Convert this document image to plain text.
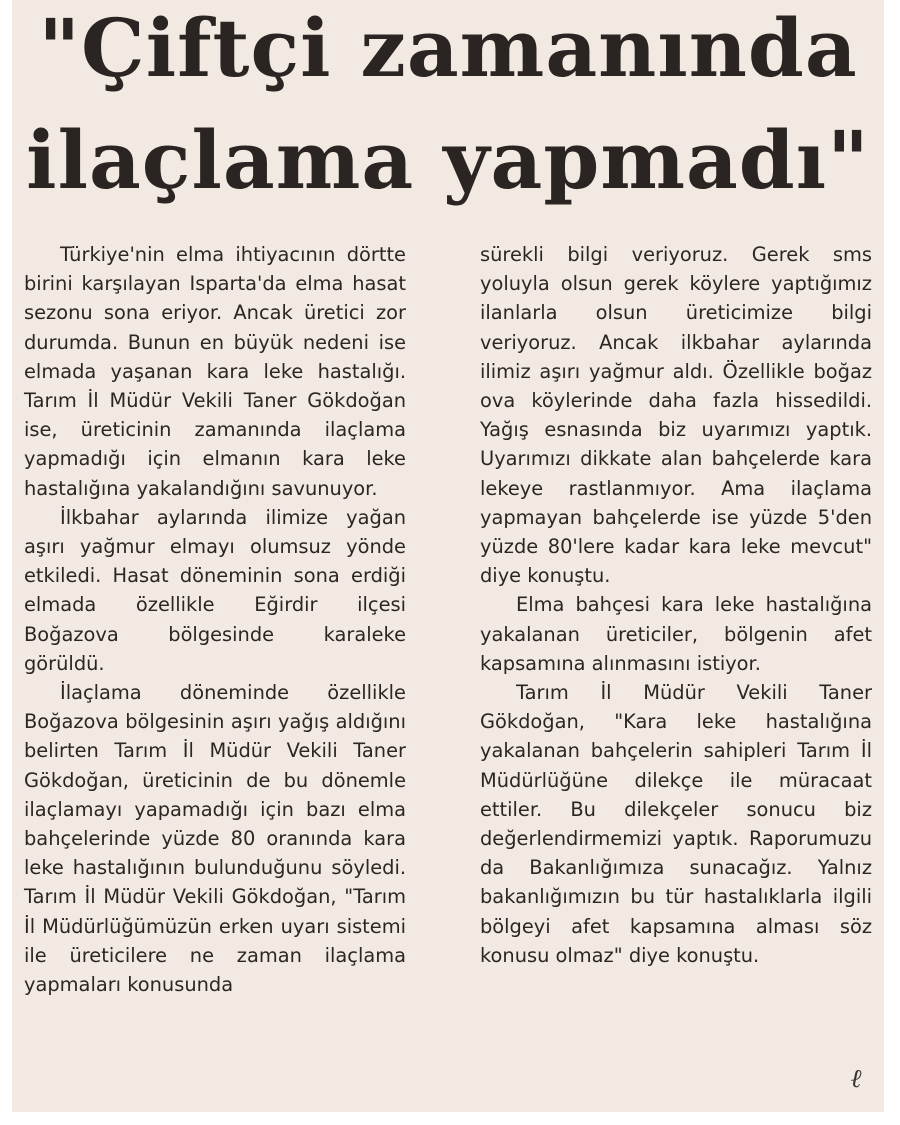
"Çiftçi zamanında
ilaçlama yapmadı"

Türkiye'nin elma ihtiyacının dörtte birini karşılayan Isparta'da elma hasat sezonu sona eriyor. Ancak üretici zor durumda. Bunun en büyük nedeni ise elmada yaşanan kara leke hastalığı. Tarım İl Müdür Vekili Taner Gökdoğan ise, üreticinin zamanında ilaçlama yapmadığı için elmanın kara leke hastalığına yakalandığını savunuyor.

İlkbahar aylarında ilimize yağan aşırı yağmur elmayı olumsuz yönde etkiledi. Hasat döneminin sona erdiği elmada özellikle Eğirdir ilçesi Boğazova bölgesinde karaleke görüldü.

İlaçlama döneminde özellikle Boğazova bölgesinin aşırı yağış aldığını belirten Tarım İl Müdür Vekili Taner Gökdoğan, üreticinin de bu dönemle ilaçlamayı yapamadığı için bazı elma bahçelerinde yüzde 80 oranında kara leke hastalığının bulunduğunu söyledi. Tarım İl Müdür Vekili Gökdoğan, "Tarım İl Müdürlüğümüzün erken uyarı sistemi ile üreticilere ne zaman ilaçlama yapmaları konusunda

sürekli bilgi veriyoruz. Gerek sms yoluyla olsun gerek köylere yaptığımız ilanlarla olsun üreticimize bilgi veriyoruz. Ancak ilkbahar aylarında ilimiz aşırı yağmur aldı. Özellikle boğaz ova köylerinde daha fazla hissedildi. Yağış esnasında biz uyarımızı yaptık. Uyarımızı dikkate alan bahçelerde kara lekeye rastlanmıyor. Ama ilaçlama yapmayan bahçelerde ise yüzde 5'den yüzde 80'lere kadar kara leke mevcut" diye konuştu.

Elma bahçesi kara leke hastalığına yakalanan üreticiler, bölgenin afet kapsamına alınmasını istiyor.

Tarım İl Müdür Vekili Taner Gökdoğan, "Kara leke hastalığına yakalanan bahçelerin sahipleri Tarım İl Müdürlüğüne dilekçe ile müracaat ettiler. Bu dilekçeler sonucu biz değerlendirmemizi yaptık. Raporumuzu da Bakanlığımıza sunacağız. Yalnız bakanlığımızın bu tür hastalıklarla ilgili bölgeyi afet kapsamına alması söz konusu olmaz" diye konuştu.

ℓ
